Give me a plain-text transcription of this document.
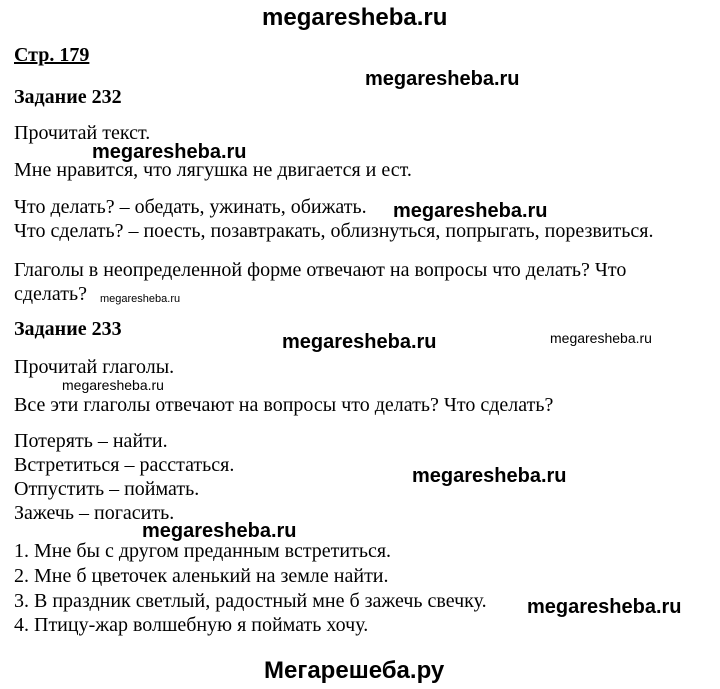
megaresheba.ru
Стр. 179
Задание 232
Прочитай текст.
Мне нравится, что лягушка не двигается и ест.
Что делать? – обедать, ужинать, обижать.
Что сделать? – поесть, позавтракать, облизнуться, попрыгать, порезвиться.
Глаголы в неопределенной форме отвечают на вопросы что делать? Что
сделать?
Задание 233
Прочитай глаголы.
Все эти глаголы отвечают на вопросы что делать? Что сделать?
Потерять – найти.
Встретиться – расстаться.
Отпустить – поймать.
Зажечь – погасить.
1. Мне бы с другом преданным встретиться.
2. Мне б цветочек аленький на земле найти.
3. В праздник светлый, радостный мне б зажечь свечку.
4. Птицу-жар волшебную я поймать хочу.
megaresheba.ru
megaresheba.ru
megaresheba.ru
megaresheba.ru
megaresheba.ru	megaresheba.ru
megaresheba.ru
megaresheba.ru
megaresheba.ru
megaresheba.ru
Мегарешеба.ру
